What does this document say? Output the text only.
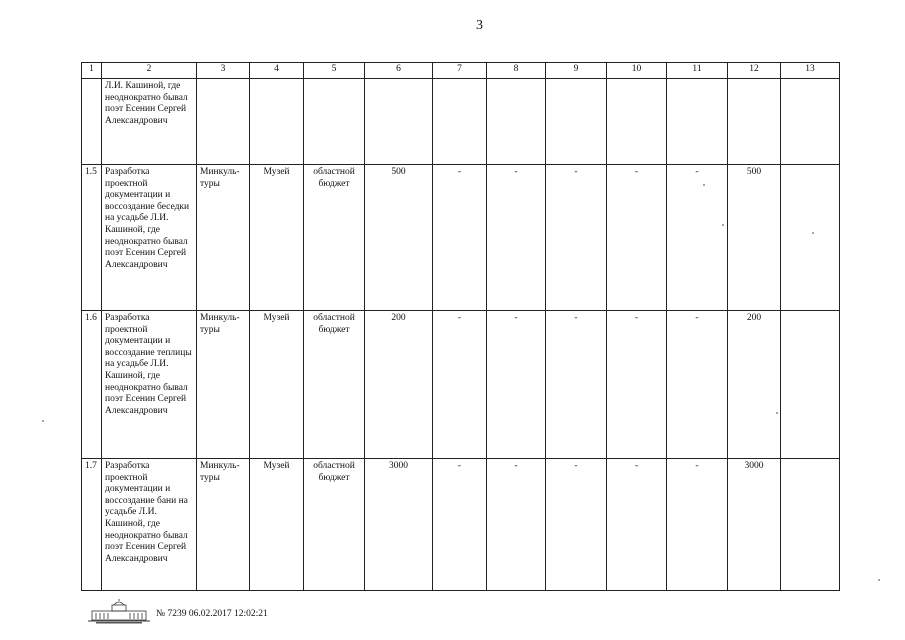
3
1	2	3	4	5	6	7	8	9	10	11	12	13
	Л.И. Кашиной, где неоднократно бывал поэт Есенин Сергей Александрович											
1.5	Разработка проектной документации и воссоздание беседки на усадьбе Л.И. Кашиной, где неоднократно бывал поэт Есенин Сергей Александрович	Минкуль-туры	Музей	областной бюджет	500	-	-	-	-	-	500	
1.6	Разработка проектной документации и воссоздание теплицы на усадьбе Л.И. Кашиной, где неоднократно бывал поэт Есенин Сергей Александрович	Минкуль-туры	Музей	областной бюджет	200	-	-	-	-	-	200	
1.7	Разработка проектной документации и воссоздание бани на усадьбе Л.И. Кашиной, где неоднократно бывал поэт Есенин Сергей Александрович	Минкуль-туры	Музей	областной бюджет	3000	-	-	-	-	-	3000	
№ 7239 06.02.2017 12:02:21
